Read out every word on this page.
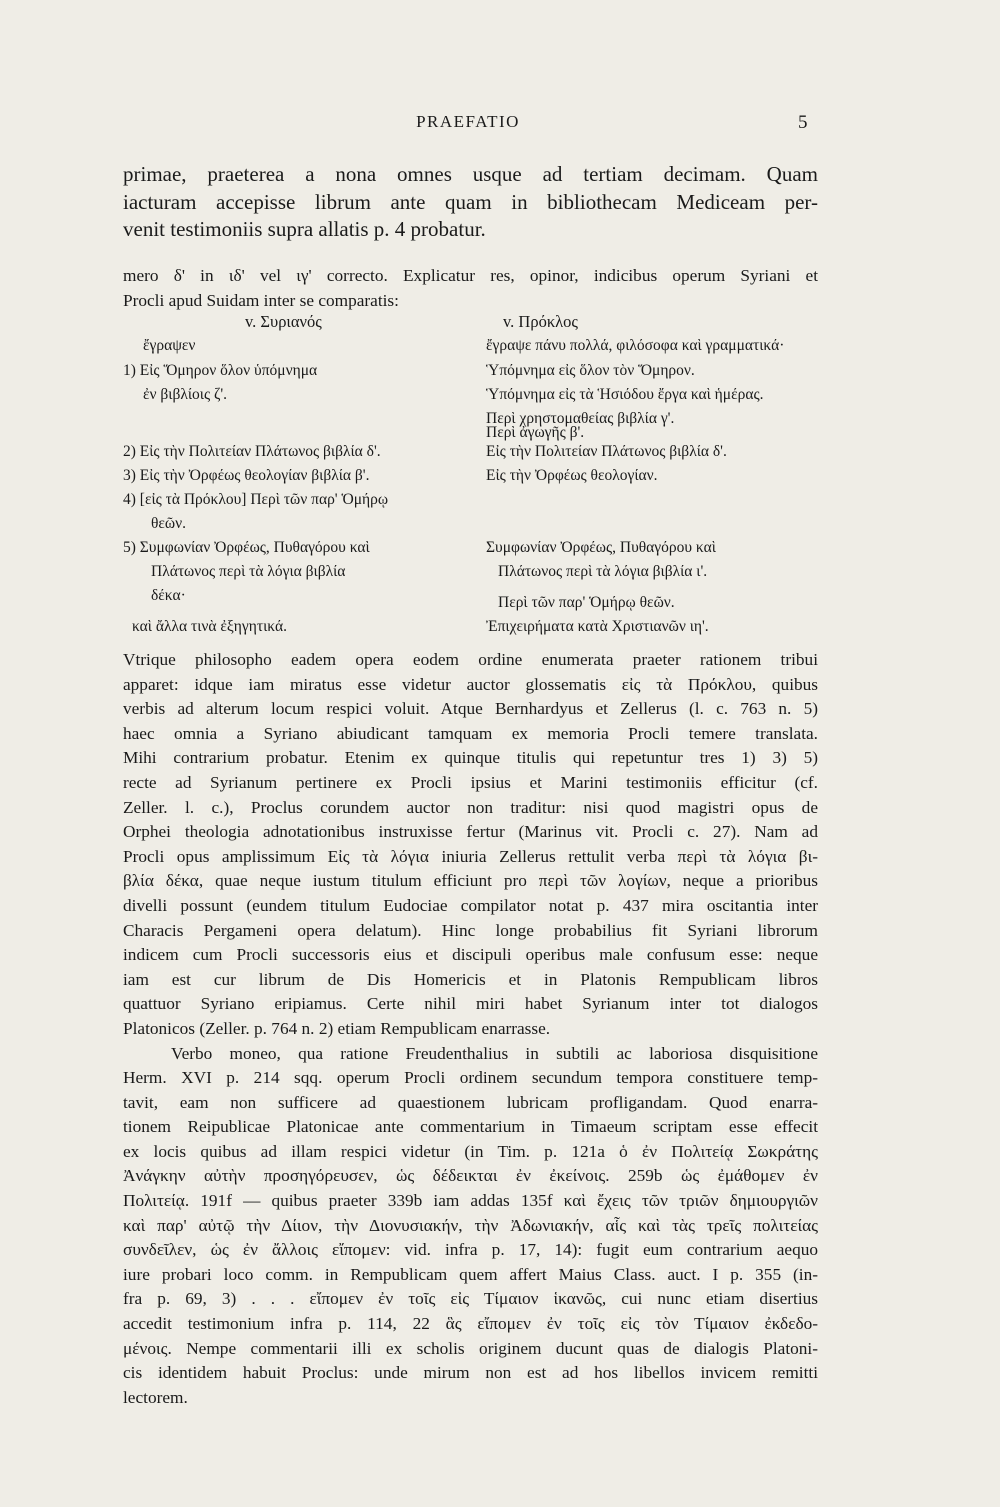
PRAEFATIO	5
primae, praeterea a nona omnes usque ad tertiam decimam. Quam
iacturam accepisse librum ante quam in bibliothecam Mediceam per-
venit testimoniis supra allatis p. 4 probatur.
mero δ' in ιδ' vel ιγ' correcto. Explicatur res, opinor, indicibus operum Syriani et
Procli apud Suidam inter se comparatis:
v. Συριανός	v. Πρόκλος
ἔγραψεν
1) Εἰς Ὅμηρον ὅλον ὑπόμνημα
ἐν βιβλίοις ζ'.
2) Εἰς τὴν Πολιτείαν Πλάτωνος βιβλία δ'.
3) Εἰς τὴν Ὀρφέως θεολογίαν βιβλία β'.
4) [εἰς τὰ Πρόκλου] Περὶ τῶν παρ' Ὁμήρῳ
θεῶν.
5) Συμφωνίαν Ὀρφέως, Πυθαγόρου καὶ
Πλάτωνος περὶ τὰ λόγια βιβλία
δέκα·
καὶ ἄλλα τινὰ ἐξηγητικά.
ἔγραψε πάνυ πολλά, φιλόσοφα καὶ γραμματικά·
Ὑπόμνημα εἰς ὅλον τὸν Ὅμηρον.
Ὑπόμνημα εἰς τὰ Ἡσιόδου ἔργα καὶ ἡμέρας.
Περὶ χρηστομαθείας βιβλία γ'.
Περὶ ἀγωγῆς β'.
Εἰς τὴν Πολιτείαν Πλάτωνος βιβλία δ'.
Εἰς τὴν Ὀρφέως θεολογίαν.
Συμφωνίαν Ὀρφέως, Πυθαγόρου καὶ
Πλάτωνος περὶ τὰ λόγια βιβλία ι'.
Περὶ τῶν παρ' Ὁμήρῳ θεῶν.
Ἐπιχειρήματα κατὰ Χριστιανῶν ιη'.
Vtrique philosopho eadem opera eodem ordine enumerata praeter rationem tribui
apparet: idque iam miratus esse videtur auctor glossematis εἰς τὰ Πρόκλου, quibus
verbis ad alterum locum respici voluit. Atque Bernhardyus et Zellerus (l. c. 763 n. 5)
haec omnia a Syriano abiudicant tamquam ex memoria Procli temere translata.
Mihi contrarium probatur. Etenim ex quinque titulis qui repetuntur tres 1) 3) 5)
recte ad Syrianum pertinere ex Procli ipsius et Marini testimoniis efficitur (cf.
Zeller. l. c.), Proclus corundem auctor non traditur: nisi quod magistri opus de
Orphei theologia adnotationibus instruxisse fertur (Marinus vit. Procli c. 27). Nam ad
Procli opus amplissimum Εἰς τὰ λόγια iniuria Zellerus rettulit verba περὶ τὰ λόγια βι-
βλία δέκα, quae neque iustum titulum efficiunt pro περὶ τῶν λογίων, neque a prioribus
divelli possunt (eundem titulum Eudociae compilator notat p. 437 mira oscitantia inter
Characis Pergameni opera delatum). Hinc longe probabilius fit Syriani librorum
indicem cum Procli successoris eius et discipuli operibus male confusum esse: neque
iam est cur librum de Dis Homericis et in Platonis Rempublicam libros
quattuor Syriano eripiamus. Certe nihil miri habet Syrianum inter tot dialogos
Platonicos (Zeller. p. 764 n. 2) etiam Rempublicam enarrasse.
Verbo moneo, qua ratione Freudenthalius in subtili ac laboriosa disquisitione
Herm. XVI p. 214 sqq. operum Procli ordinem secundum tempora constituere temp-
tavit, eam non sufficere ad quaestionem lubricam profligandam. Quod enarra-
tionem Reipublicae Platonicae ante commentarium in Timaeum scriptam esse effecit
ex locis quibus ad illam respici videtur (in Tim. p. 121a ὁ ἐν Πολιτείᾳ Σωκράτης
Ἀνάγκην αὐτὴν προσηγόρευσεν, ὡς δέδεικται ἐν ἐκείνοις. 259b ὡς ἐμάθομεν ἐν
Πολιτείᾳ. 191f — quibus praeter 339b iam addas 135f καὶ ἔχεις τῶν τριῶν δημιουργιῶν
καὶ παρ' αὐτῷ τὴν Δίιον, τὴν Διονυσιακήν, τὴν Ἀδωνιακήν, αἷς καὶ τὰς τρεῖς πολιτείας
συνδεῖλεν, ὡς ἐν ἄλλοις εἴπομεν: vid. infra p. 17, 14): fugit eum contrarium aequo
iure probari loco comm. in Rempublicam quem affert Maius Class. auct. I p. 355 (in-
fra p. 69, 3) . . . εἴπομεν ἐν τοῖς εἰς Τίμαιον ἱκανῶς, cui nunc etiam disertius
accedit testimonium infra p. 114, 22 ἃς εἴπομεν ἐν τοῖς εἰς τὸν Τίμαιον ἐκδεδο-
μένοις. Nempe commentarii illi ex scholis originem ducunt quas de dialogis Platoni-
cis identidem habuit Proclus: unde mirum non est ad hos libellos invicem remitti
lectorem.
